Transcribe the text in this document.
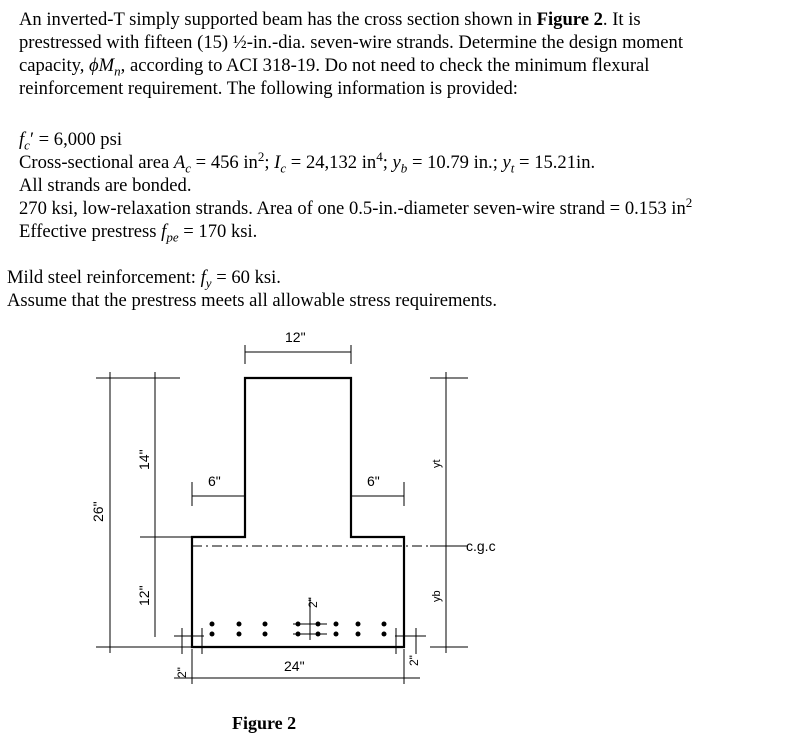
An inverted-T simply supported beam has the cross section shown in Figure 2. It is

prestressed with fifteen (15) ½-in.-dia. seven-wire strands. Determine the design moment

capacity, $\phi M_n$, according to ACI 318-19. Do not need to check the minimum flexural

reinforcement requirement. The following information is provided:

$f_c' = 6,000$ psi

Cross-sectional area $A_c = 456$ $in^2$; $I_c = 24,132$ $in^4$; $y_b = 10.79$ in.; $y_t = 15.21in$.

All strands are bonded.

270 ksi, low-relaxation strands. Area of one 0.5-in.-diameter seven-wire strand = 0.153 $in^2$

Effective prestress $f_{pe} = 170$ ksi.

Mild steel reinforcement: $f_y = 60$ ksi.

Assume that the prestress meets all allowable stress requirements.

12"
6"	6"
24"
26"
14"
12"
2"
2"
2"
yt
yb
c.g.c
Figure 2
